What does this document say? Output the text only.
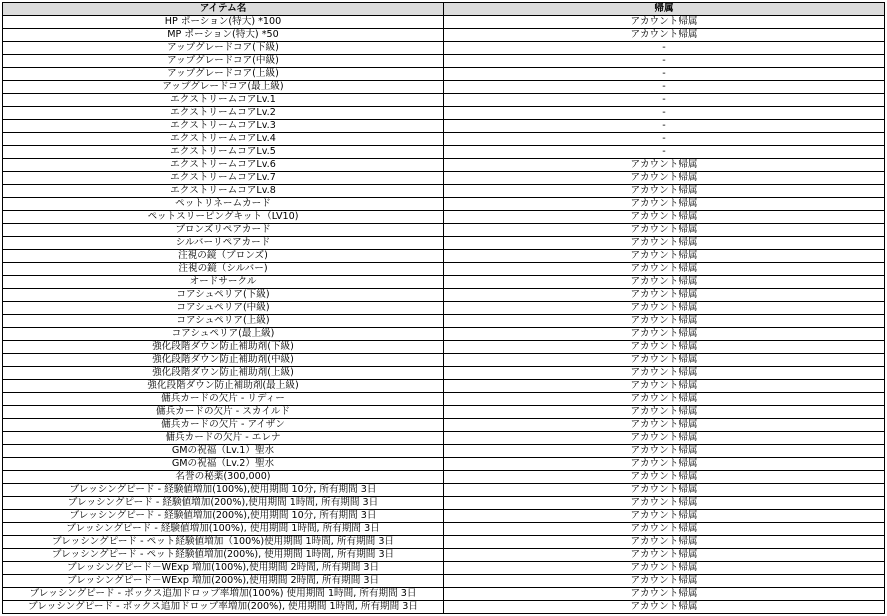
アイテム名	帰属
HP ポーション(特大) *100	アカウント帰属
MP ポーション(特大) *50	アカウント帰属
アップグレードコア(下級)	-
アップグレードコア(中級)	-
アップグレードコア(上級)	-
アップグレードコア(最上級)	-
エクストリームコアLv.1	-
エクストリームコアLv.2	-
エクストリームコアLv.3	-
エクストリームコアLv.4	-
エクストリームコアLv.5	-
エクストリームコアLv.6	アカウント帰属
エクストリームコアLv.7	アカウント帰属
エクストリームコアLv.8	アカウント帰属
ペットリネームカード	アカウント帰属
ペットスリーピングキット（LV10)	アカウント帰属
ブロンズリペアカード	アカウント帰属
シルバーリペアカード	アカウント帰属
注視の鏡（ブロンズ)	アカウント帰属
注視の鏡（シルバー)	アカウント帰属
オードサークル	アカウント帰属
コアシュペリア(下級)	アカウント帰属
コアシュペリア(中級)	アカウント帰属
コアシュペリア(上級)	アカウント帰属
コアシュペリア(最上級)	アカウント帰属
強化段階ダウン防止補助剤(下級)	アカウント帰属
強化段階ダウン防止補助剤(中級)	アカウント帰属
強化段階ダウン防止補助剤(上級)	アカウント帰属
強化段階ダウン防止補助剤(最上級)	アカウント帰属
傭兵カードの欠片 - リディー	アカウント帰属
傭兵カードの欠片 - スカイルド	アカウント帰属
傭兵カードの欠片 - アイザン	アカウント帰属
傭兵カードの欠片 - エレナ	アカウント帰属
GMの祝福（Lv.1）聖水	アカウント帰属
GMの祝福（Lv.2）聖水	アカウント帰属
名誉の秘薬(300,000)	アカウント帰属
ブレッシングピード - 経験値増加(100%),使用期間 10分, 所有期間 3日	アカウント帰属
ブレッシングピード - 経験値増加(200%),使用期間 1時間, 所有期間 3日	アカウント帰属
ブレッシングピード - 経験値増加(200%),使用期間 10分, 所有期間 3日	アカウント帰属
ブレッシングピード - 経験値増加(100%), 使用期間 1時間, 所有期間 3日	アカウント帰属
ブレッシングピード - ペット経験値増加（100%)使用期間 1時間, 所有期間 3日	アカウント帰属
ブレッシングピード - ペット経験値増加(200%), 使用期間 1時間, 所有期間 3日	アカウント帰属
ブレッシングピード－WExp 増加(100%),使用期間 2時間, 所有期間 3日	アカウント帰属
ブレッシングピード－WExp 増加(200%),使用期間 2時間, 所有期間 3日	アカウント帰属
ブレッシングピード - ボックス追加ドロップ率増加(100%) 使用期間 1時間, 所有期間 3日	アカウント帰属
ブレッシングピード - ボックス追加ドロップ率増加(200%), 使用期間 1時間, 所有期間 3日	アカウント帰属
